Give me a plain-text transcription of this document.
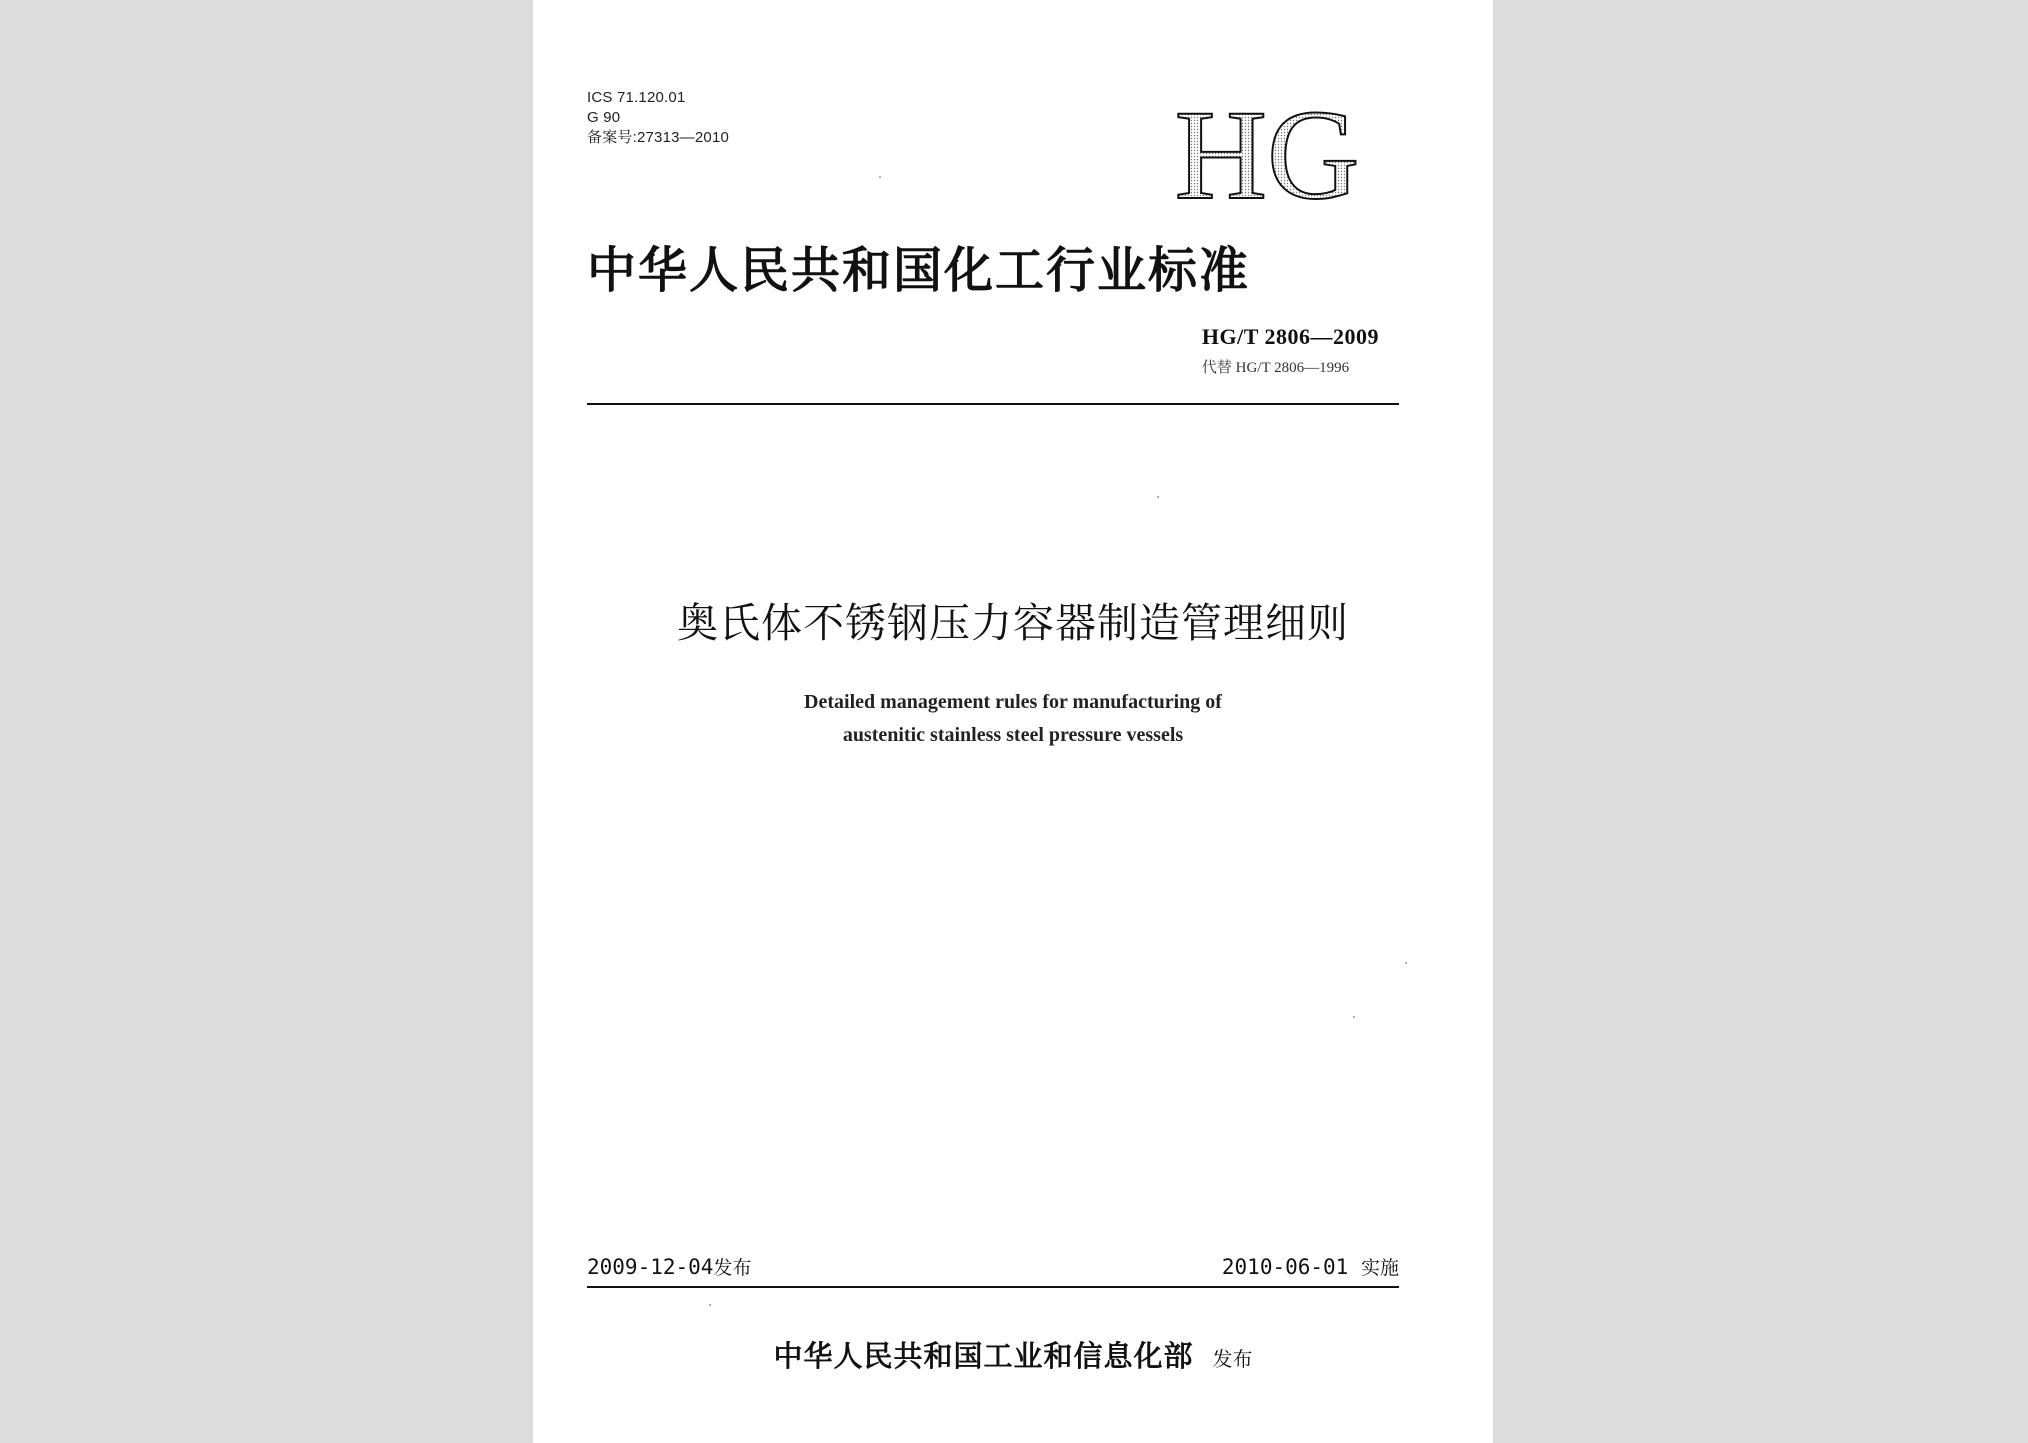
ICS 71.120.01
G 90
备案号:27313—2010	HG
中华人民共和国化工行业标准
HG/T 2806—2009
代替 HG/T 2806—1996
奥氏体不锈钢压力容器制造管理细则
Detailed management rules for manufacturing of
austenitic stainless steel pressure vessels
2009-12-04发布	2010-06-01 实施
中华人民共和国工业和信息化部 发布
